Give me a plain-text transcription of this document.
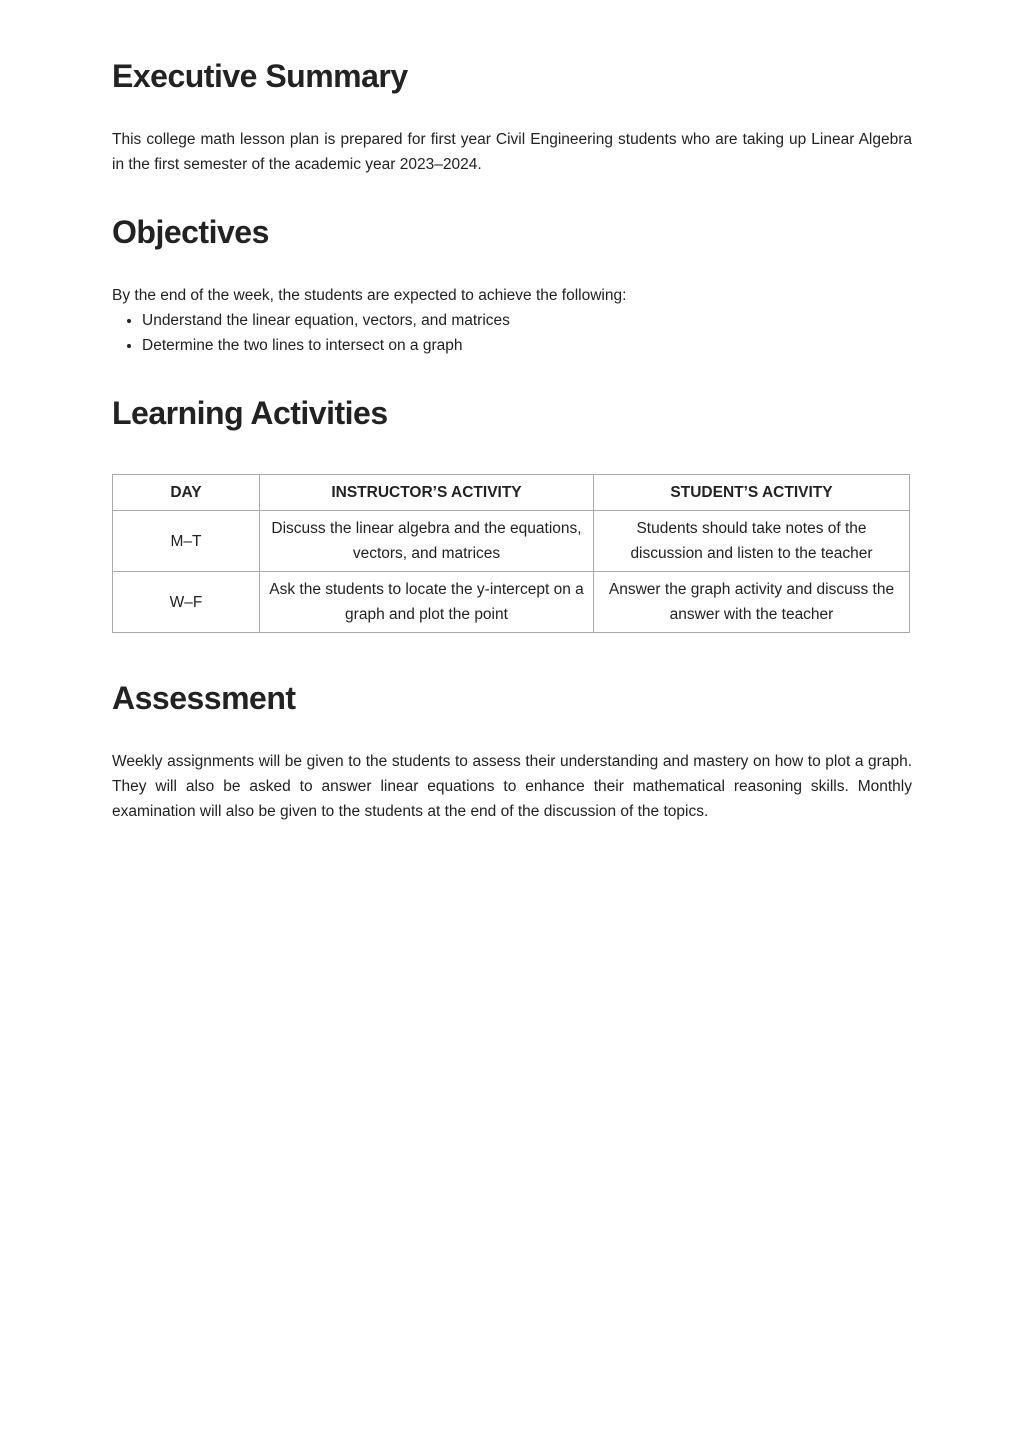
Executive Summary

This college math lesson plan is prepared for first year Civil Engineering students who are taking up Linear Algebra in the first semester of the academic year 2023–2024.

Objectives

By the end of the week, the students are expected to achieve the following:

• Understand the linear equation, vectors, and matrices
• Determine the two lines to intersect on a graph
Learning Activities
DAY	INSTRUCTOR’S ACTIVITY	STUDENT’S ACTIVITY
M–T	Discuss the linear algebra and the equations, vectors, and matrices	Students should take notes of the discussion and listen to the teacher
W–F	Ask the students to locate the y-intercept on a graph and plot the point	Answer the graph activity and discuss the answer with the teacher
Assessment

Weekly assignments will be given to the students to assess their understanding and mastery on how to plot a graph. They will also be asked to answer linear equations to enhance their mathematical reasoning skills. Monthly examination will also be given to the students at the end of the discussion of the topics.
